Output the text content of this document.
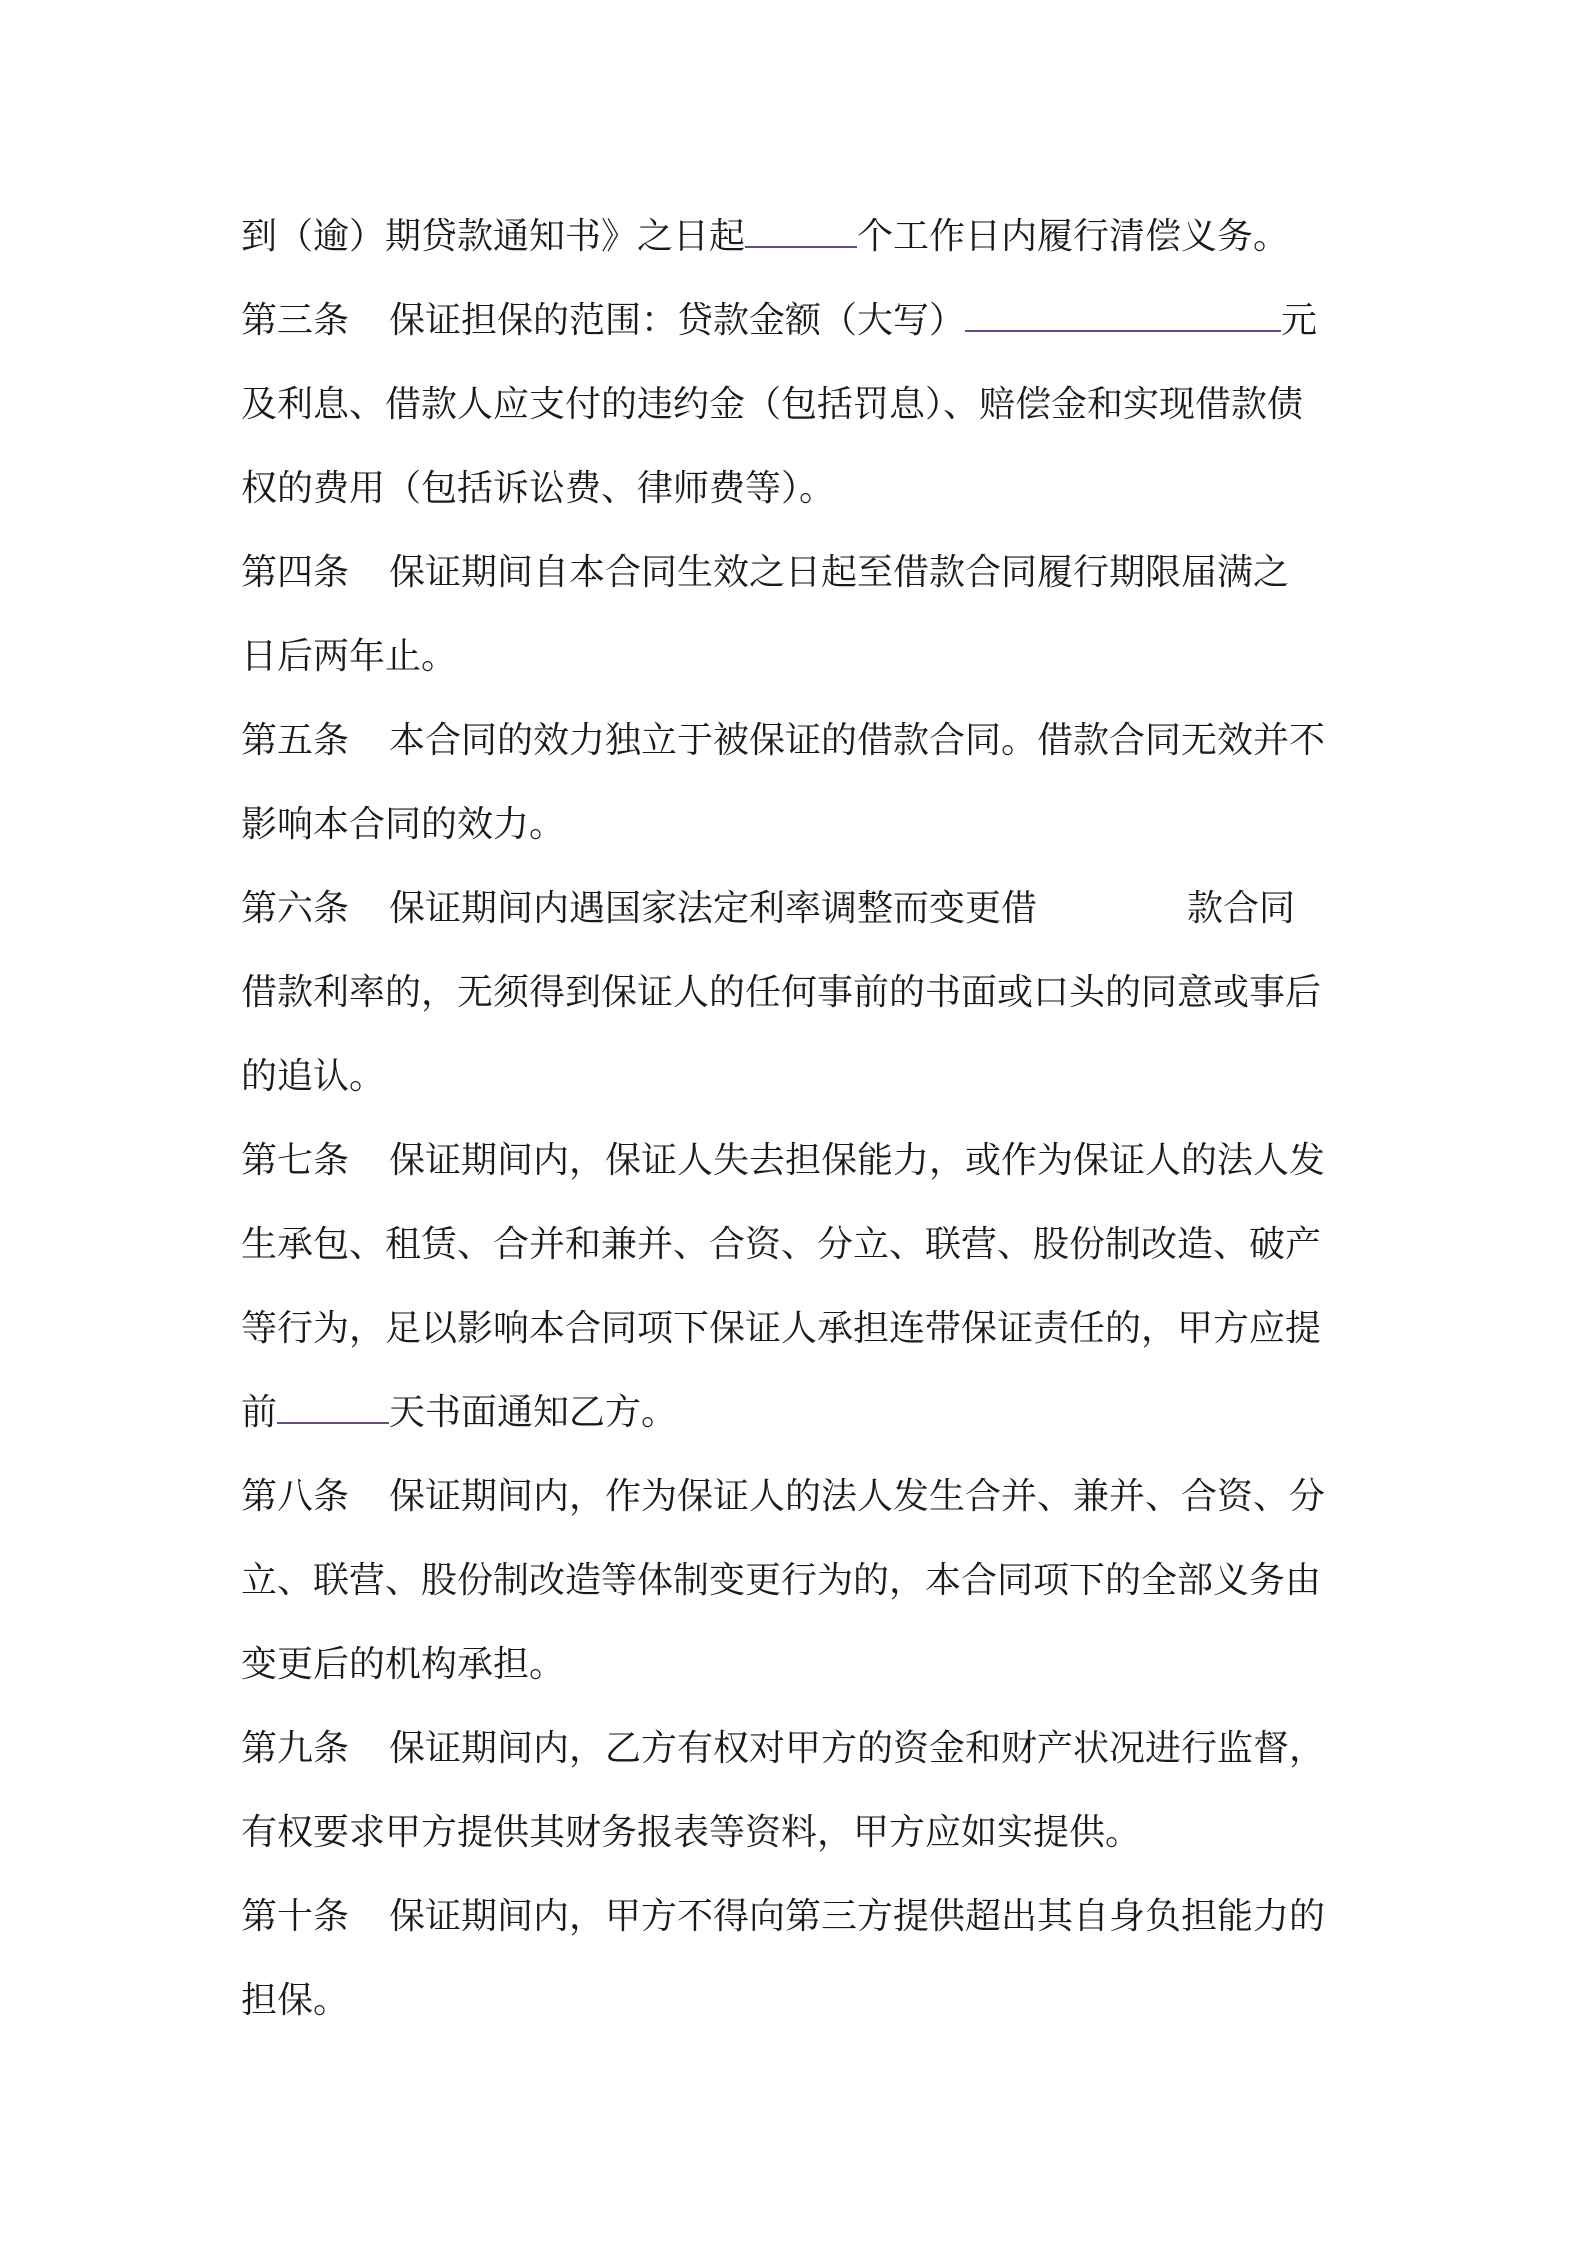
到（逾）期贷款通知书》之日起	个工作日内履行清偿义务。
第三条 保证担保的范围：贷款金额（大写）	元
及利息、借款人应支付的违约金（包括罚息）、赔偿金和实现借款债
权的费用（包括诉讼费、律师费等）。
第四条 保证期间自本合同生效之日起至借款合同履行期限届满之
日后两年止。
第五条 本合同的效力独立于被保证的借款合同。借款合同无效并不
影响本合同的效力。
第六条 保证期间内遇国家法定利率调整而变更借	款合同
借款利率的，无须得到保证人的任何事前的书面或口头的同意或事后
的追认。
第七条 保证期间内，保证人失去担保能力，或作为保证人的法人发
生承包、租赁、合并和兼并、合资、分立、联营、股份制改造、破产
等行为，足以影响本合同项下保证人承担连带保证责任的，甲方应提
前	天书面通知乙方。
第八条 保证期间内，作为保证人的法人发生合并、兼并、合资、分
立、联营、股份制改造等体制变更行为的，本合同项下的全部义务由
变更后的机构承担。
第九条 保证期间内，乙方有权对甲方的资金和财产状况进行监督，
有权要求甲方提供其财务报表等资料，甲方应如实提供。
第十条 保证期间内，甲方不得向第三方提供超出其自身负担能力的
担保。
